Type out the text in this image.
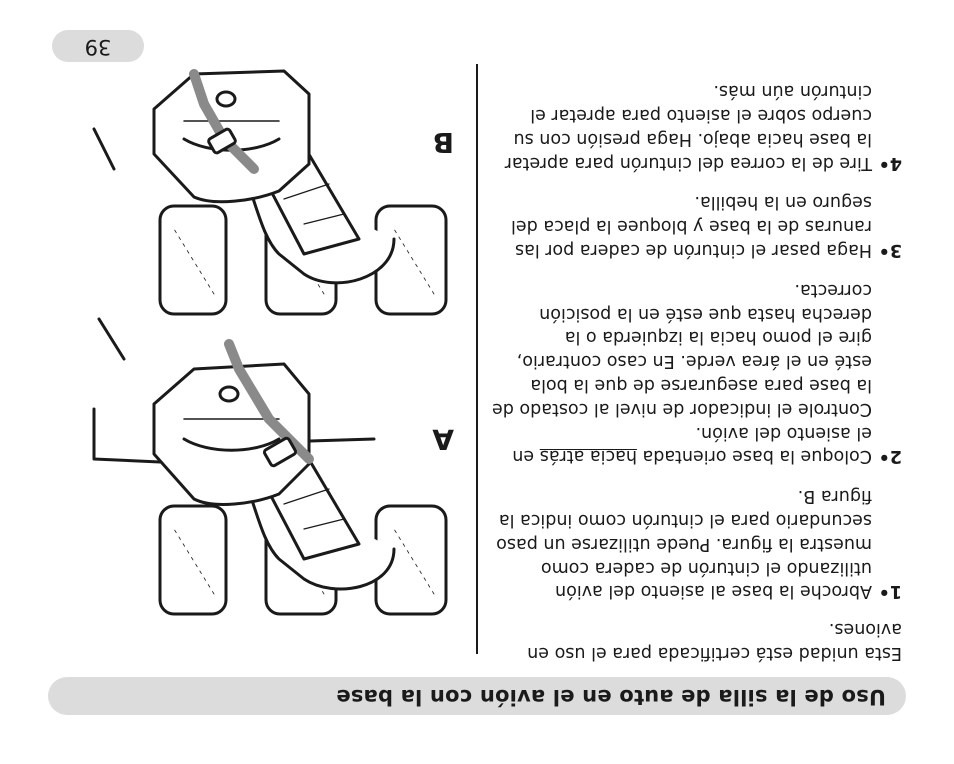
Uso de la silla de auto en el avión con la base

Esta unidad está certificada para el uso en aviones.

1•
Abroche la base al asiento del avión utilizando el cinturón de cadera como muestra la figura. Puede utilizarse un paso secundario para el cinturón como indica la figura B.
2•
Coloque la base orientada hacia atrás en el asiento del avión.
Controle el indicador de nivel al costado de la base para asegurarse de que la bola esté en el área verde. En caso contrario, gire el pomo hacia la izquierda o la derecha hasta que esté en la posición correcta.
3•
Haga pasar el cinturón de cadera por las ranuras de la base y bloquee la placa del seguro en la hebilla.
4•
Tire de la correa del cinturón para apretar la base hacia abajo. Haga presión con su cuerpo sobre el asiento para apretar el cinturón aún más.
A
B
39
